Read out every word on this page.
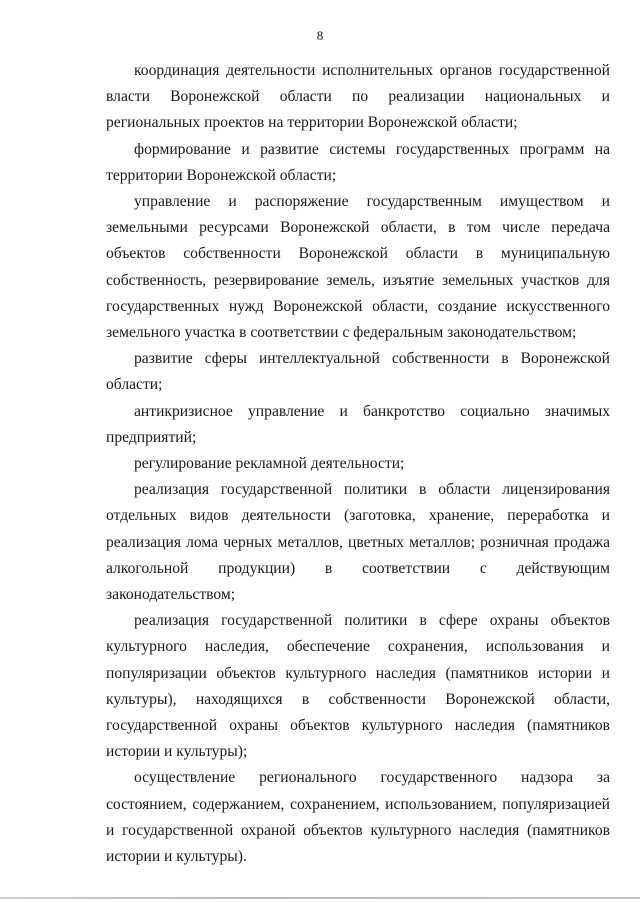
8

координация деятельности исполнительных органов государственной власти Воронежской области по реализации национальных и региональных проектов на территории Воронежской области;

формирование и развитие системы государственных программ на территории Воронежской области;

управление и распоряжение государственным имуществом и земельными ресурсами Воронежской области, в том числе передача объектов собственности Воронежской области в муниципальную собственность, резервирование земель, изъятие земельных участков для государственных нужд Воронежской области, создание искусственного земельного участка в соответствии с федеральным законодательством;

развитие сферы интеллектуальной собственности в Воронежской области;

антикризисное управление и банкротство социально значимых предприятий;

регулирование рекламной деятельности;

реализация государственной политики в области лицензирования отдельных видов деятельности (заготовка, хранение, переработка и реализация лома черных металлов, цветных металлов; розничная продажа алкогольной продукции) в соответствии с действующим законодательством;

реализация государственной политики в сфере охраны объектов культурного наследия, обеспечение сохранения, использования и популяризации объектов культурного наследия (памятников истории и культуры), находящихся в собственности Воронежской области, государственной охраны объектов культурного наследия (памятников истории и культуры);

осуществление регионального государственного надзора за состоянием, содержанием, сохранением, использованием, популяризацией и государственной охраной объектов культурного наследия (памятников истории и культуры).
